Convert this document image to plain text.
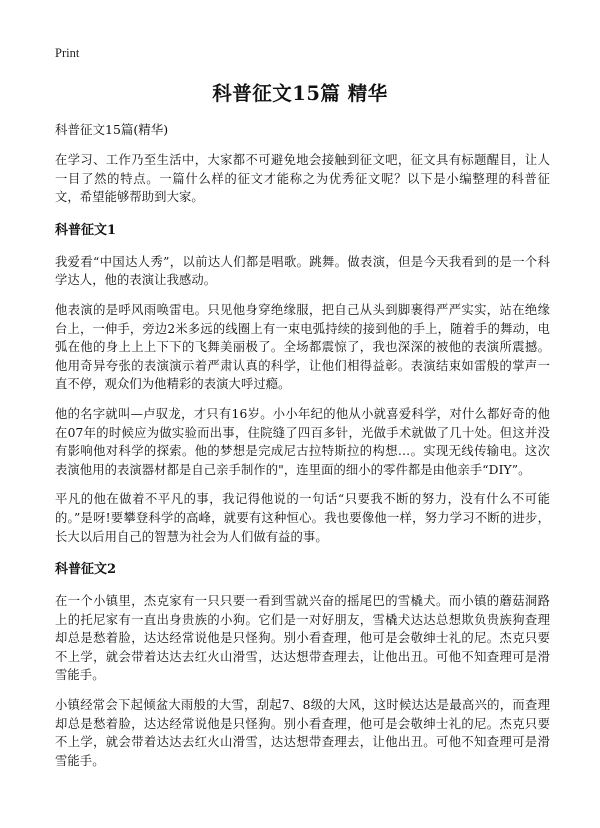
Print
科普征文15篇 精华

科普征文15篇(精华)

在学习、工作乃至生活中，大家都不可避免地会接触到征文吧，征文具有标题醒目，让人一目了然的特点。一篇什么样的征文才能称之为优秀征文呢？以下是小编整理的科普征文，希望能够帮助到大家。

科普征文1

我爱看“中国达人秀”，以前达人们都是唱歌。跳舞。做表演，但是今天我看到的是一个科学达人，他的表演让我感动。

他表演的是呼风雨唤雷电。只见他身穿绝缘服，把自己从头到脚裹得严严实实，站在绝缘台上，一伸手，旁边2米多远的线圈上有一束电弧持续的接到他的手上，随着手的舞动，电弧在他的身上上上下下的飞舞美丽极了。全场都震惊了，我也深深的被他的表演所震撼。他用奇异夸张的表演演示着严肃认真的科学，让他们相得益彰。表演结束如雷般的掌声一直不停，观众们为他精彩的表演大呼过瘾。

他的名字就叫—卢驭龙，才只有16岁。小小年纪的他从小就喜爱科学，对什么都好奇的他在07年的时候应为做实验而出事，住院缝了四百多针，光做手术就做了几十处。但这并没有影响他对科学的探索。他的梦想是完成尼古拉特斯拉的构想…。实现无线传输电。这次表演他用的表演器材都是自己亲手制作的"，连里面的细小的零件都是由他亲手“DIY”。

平凡的他在做着不平凡的事，我记得他说的一句话“只要我不断的努力，没有什么不可能的。”是呀!要攀登科学的高峰，就要有这种恒心。我也要像他一样，努力学习不断的进步，长大以后用自己的智慧为社会为人们做有益的事。

科普征文2

在一个小镇里，杰克家有一只只要一看到雪就兴奋的摇尾巴的雪橇犬。而小镇的蘑菇洞路上的托尼家有一直出身贵族的小狗。它们是一对好朋友，雪橇犬达达总想欺负贵族狗查理却总是愁着脸，达达经常说他是只怪狗。别小看查理，他可是会敬绅士礼的尼。杰克只要不上学，就会带着达达去红火山滑雪，达达想带查理去，让他出丑。可他不知查理可是滑雪能手。

小镇经常会下起倾盆大雨般的大雪，刮起7、8级的大风，这时候达达是最高兴的，而查理却总是愁着脸，达达经常说他是只怪狗。别小看查理，他可是会敬绅士礼的尼。杰克只要不上学，就会带着达达去红火山滑雪，达达想带查理去，让他出丑。可他不知查理可是滑雪能手。
